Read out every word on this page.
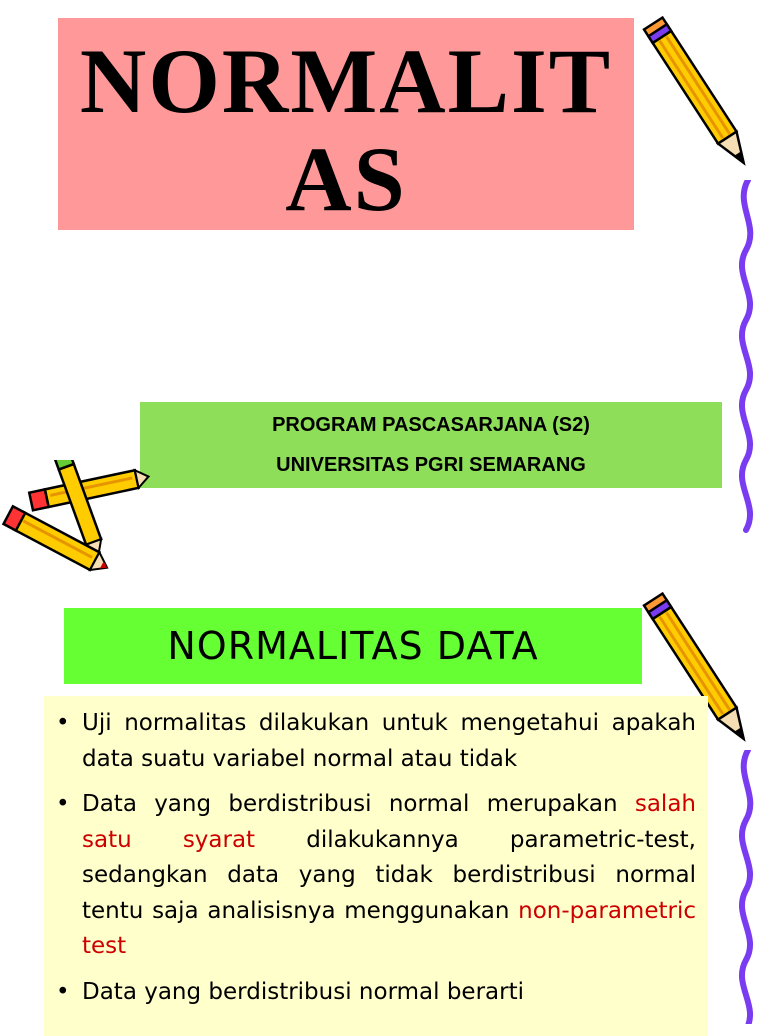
NORMALIT
AS
PROGRAM PASCASARJANA (S2)
UNIVERSITAS PGRI SEMARANG
NORMALITAS DATA
• Uji normalitas dilakukan untuk mengetahui apakah data suatu variabel normal atau tidak
• Data yang berdistribusi normal merupakan salah satu syarat dilakukannya parametric-test, sedangkan data yang tidak berdistribusi normal tentu saja analisisnya menggunakan non-parametric test
• Data yang berdistribusi normal berarti
